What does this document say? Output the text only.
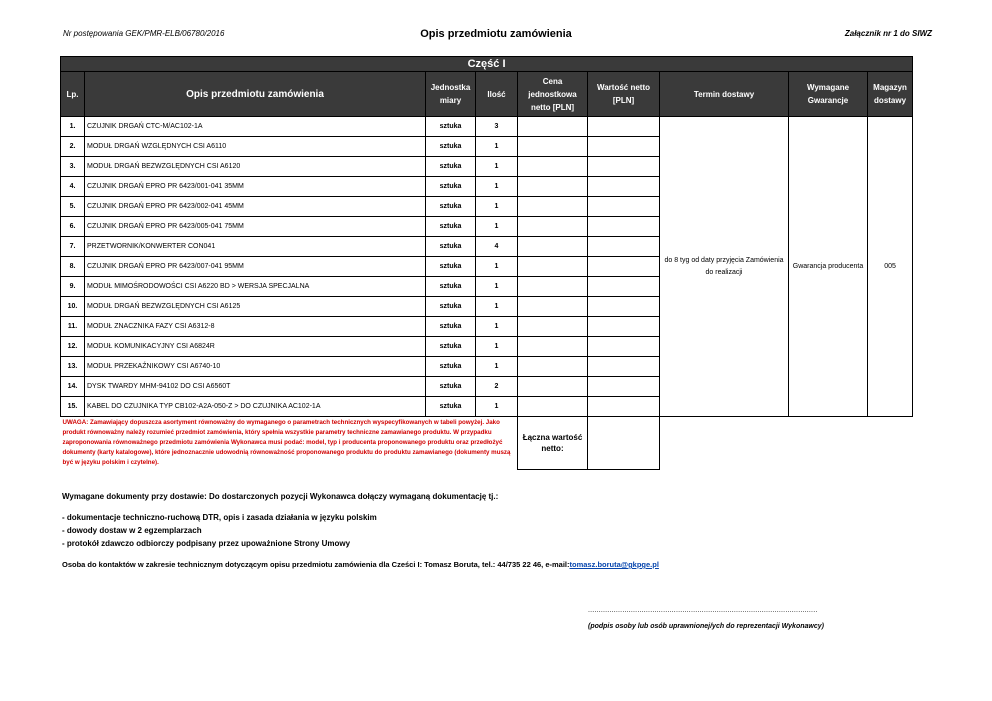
Nr postępowania GEK/PMR-ELB/06780/2016	Opis przedmiotu zamówienia	Załącznik nr 1 do SIWZ
Część I								
Lp.	Opis przedmiotu zamówienia	Jednostka miary	Ilość	Cena jednostkowa netto [PLN]	Wartość netto [PLN]	Termin dostawy	Wymagane Gwarancje	Magazyn dostawy
1.	CZUJNIK DRGAŃ CTC-M/AC102-1A	sztuka	3			do 8 tyg od daty przyjęcia Zamówienia do realizacji	Gwarancja producenta	005
2.	MODUŁ DRGAŃ WZGLĘDNYCH CSI A6110	sztuka	1					
3.	MODUŁ DRGAŃ BEZWZGLĘDNYCH CSI A6120	sztuka	1					
4.	CZUJNIK DRGAŃ EPRO PR 6423/001-041 35MM	sztuka	1					
5.	CZUJNIK DRGAŃ EPRO PR 6423/002-041 45MM	sztuka	1					
6.	CZUJNIK DRGAŃ EPRO PR 6423/005-041 75MM	sztuka	1					
7.	PRZETWORNIK/KONWERTER CON041	sztuka	4					
8.	CZUJNIK DRGAŃ EPRO PR 6423/007-041 95MM	sztuka	1					
9.	MODUŁ MIMOŚRODOWOŚCI CSI A6220 BD > WERSJA SPECJALNA	sztuka	1					
10.	MODUŁ DRGAŃ BEZWZGLĘDNYCH CSI A6125	sztuka	1					
11.	MODUŁ ZNACZNIKA FAZY CSI A6312-8	sztuka	1					
12.	MODUŁ KOMUNIKACYJNY CSI A6824R	sztuka	1					
13.	MODUŁ PRZEKAŹNIKOWY CSI A6740-10	sztuka	1					
14.	DYSK TWARDY MHM-94102 DO CSI A6560T	sztuka	2					
15.	KABEL DO CZUJNIKA TYP CB102-A2A-050-Z > DO CZUJNIKA AC102-1A	sztuka	1					
UWAGA: Zamawiający dopuszcza asortyment równoważny do wymaganego o parametrach technicznych wyspecyfikowanych w tabeli powyżej. Jako produkt równoważny należy rozumieć przedmiot zamówienia, który spełnia wszystkie parametry techniczne zamawianego produktu. W przypadku zaproponowania równoważnego przedmiotu zamówienia Wykonawca musi podać: model, typ i producenta proponowanego produktu oraz przedłożyć dokumenty (karty katalogowe), które jednoznacznie udowodnią równoważność proponowanego produktu do produktu zamawianego (dokumenty muszą być w języku polskim i czytelne).				Łączna wartość netto:				
Wymagane dokumenty przy dostawie: Do dostarczonych pozycji Wykonawca dołączy wymaganą dokumentację tj.:
- dokumentacje techniczno-ruchową DTR, opis i zasada działania w języku polskim
- dowody dostaw w 2 egzemplarzach
- protokół zdawczo odbiorczy podpisany przez upoważnione Strony Umowy
Osoba do kontaktów w zakresie technicznym dotyczącym opisu przedmiotu zamówienia dla Cześci I: Tomasz Boruta, tel.: 44/735 22 46, e-mail:tomasz.boruta@gkpge.pl
...........................................................................................................
(podpis osoby lub osób uprawnionej/ych do reprezentacji Wykonawcy)
